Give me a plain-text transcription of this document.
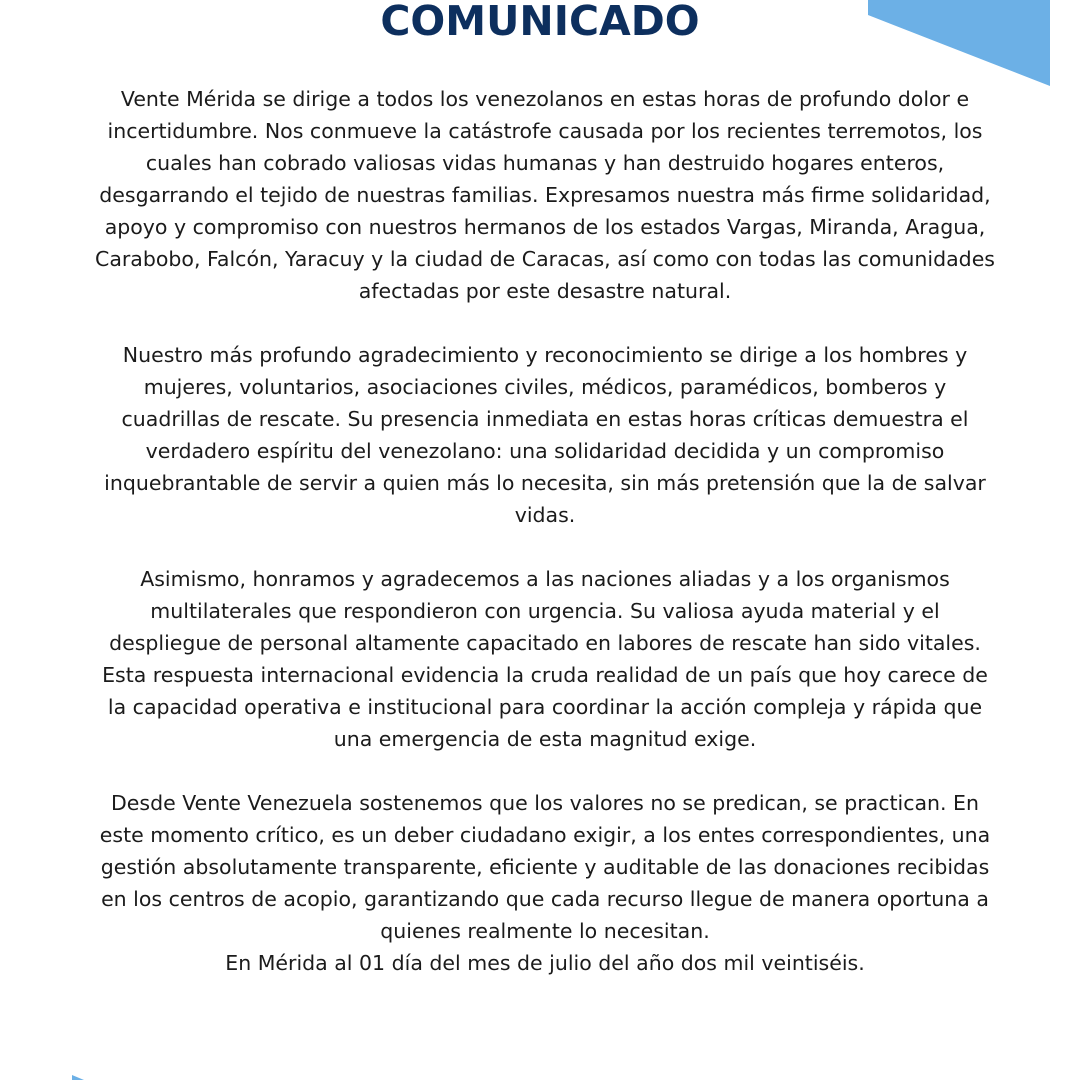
COMUNICADO

Vente Mérida se dirige a todos los venezolanos en estas horas de profundo dolor e incertidumbre. Nos conmueve la catástrofe causada por los recientes terremotos, los cuales han cobrado valiosas vidas humanas y han destruido hogares enteros, desgarrando el tejido de nuestras familias. Expresamos nuestra más firme solidaridad, apoyo y compromiso con nuestros hermanos de los estados Vargas, Miranda, Aragua, Carabobo, Falcón, Yaracuy y la ciudad de Caracas, así como con todas las comunidades afectadas por este desastre natural.

Nuestro más profundo agradecimiento y reconocimiento se dirige a los hombres y mujeres, voluntarios, asociaciones civiles, médicos, paramédicos, bomberos y cuadrillas de rescate. Su presencia inmediata en estas horas críticas demuestra el verdadero espíritu del venezolano: una solidaridad decidida y un compromiso inquebrantable de servir a quien más lo necesita, sin más pretensión que la de salvar vidas.

Asimismo, honramos y agradecemos a las naciones aliadas y a los organismos multilaterales que respondieron con urgencia. Su valiosa ayuda material y el despliegue de personal altamente capacitado en labores de rescate han sido vitales. Esta respuesta internacional evidencia la cruda realidad de un país que hoy carece de la capacidad operativa e institucional para coordinar la acción compleja y rápida que una emergencia de esta magnitud exige.

Desde Vente Venezuela sostenemos que los valores no se predican, se practican. En este momento crítico, es un deber ciudadano exigir, a los entes correspondientes, una gestión absolutamente transparente, eficiente y auditable de las donaciones recibidas en los centros de acopio, garantizando que cada recurso llegue de manera oportuna a quienes realmente lo necesitan.

En Mérida al 01 día del mes de julio del año dos mil veintiséis.
